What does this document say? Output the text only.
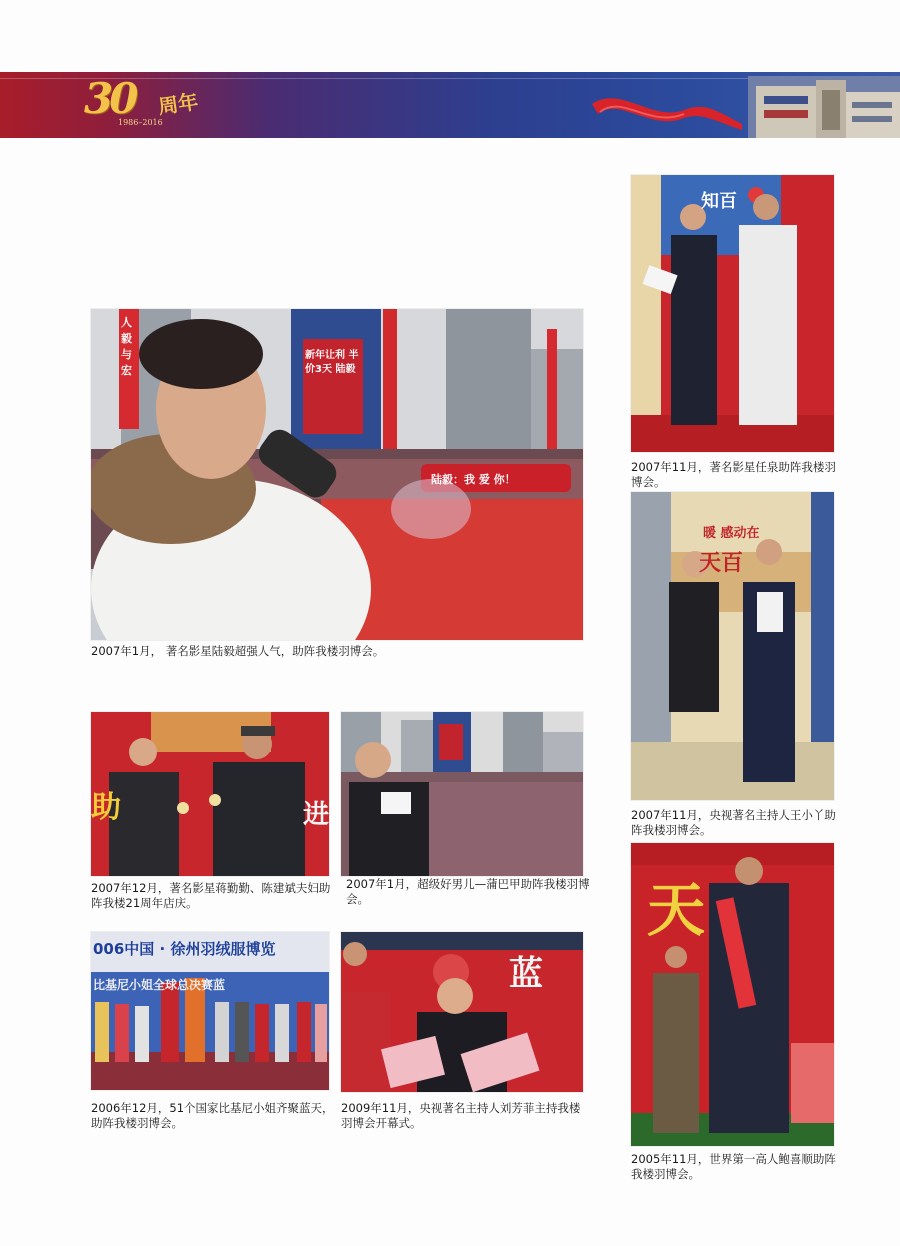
30 周年
1986–2016
陆毅：我 爱 你！
新年让利 半价3天 陆毅
人 毅 与 宏
2007年1月， 著名影星陆毅超强人气，助阵我楼羽博会。
知百
2007年11月，著名影星任泉助阵我楼羽博会。
暖 感动在
天百
2007年11月，央视著名主持人王小丫助阵我楼羽博会。
天
2005年11月，世界第一高人鲍喜顺助阵我楼羽博会。
助	进
2007年12月，著名影星蒋勤勤、陈建斌夫妇助阵我楼21周年店庆。
2007年1月，超级好男儿—蒲巴甲助阵我楼羽博会。
006中国 · 徐州羽绒服博览
比基尼小姐全球总决赛蓝
2006年12月，51个国家比基尼小姐齐聚蓝天，助阵我楼羽博会。
蓝
2009年11月，央视著名主持人刘芳菲主持我楼羽博会开幕式。
